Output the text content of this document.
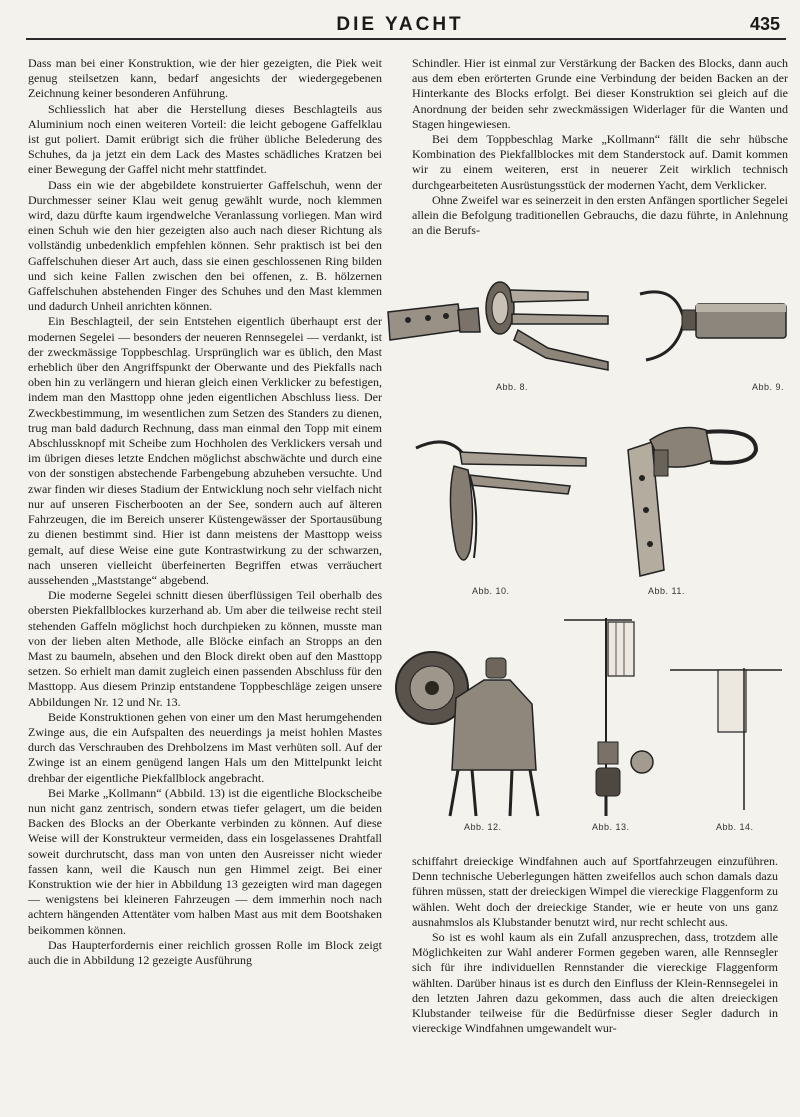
DIE YACHT	435

Dass man bei einer Konstruktion, wie der hier gezeigten, die Piek weit genug steilsetzen kann, bedarf angesichts der wiedergegebenen Zeichnung keiner besonderen Anführung.

Schliesslich hat aber die Herstellung dieses Beschlagteils aus Aluminium noch einen weiteren Vorteil: die leicht gebogene Gaffelklau ist gut poliert. Damit erübrigt sich die früher übliche Belederung des Schuhes, da ja jetzt ein dem Lack des Mastes schädliches Kratzen bei einer Bewegung der Gaffel nicht mehr stattfindet.

Dass ein wie der abgebildete konstruierter Gaffelschuh, wenn der Durchmesser seiner Klau weit genug gewählt wurde, noch klemmen wird, dazu dürfte kaum irgendwelche Veranlassung vorliegen. Man wird einen Schuh wie den hier gezeigten also auch nach dieser Richtung als vollständig unbedenklich empfehlen können. Sehr praktisch ist bei den Gaffelschuhen dieser Art auch, dass sie einen geschlossenen Ring bilden und sich keine Fallen zwischen den bei offenen, z. B. hölzernen Gaffelschuhen abstehenden Finger des Schuhes und den Mast klemmen und dadurch Unheil anrichten können.

Ein Beschlagteil, der sein Entstehen eigentlich überhaupt erst der modernen Segelei — besonders der neueren Rennsegelei — verdankt, ist der zweckmässige Toppbeschlag. Ursprünglich war es üblich, den Mast erheblich über den Angriffspunkt der Oberwante und des Piekfalls nach oben hin zu verlängern und hieran gleich einen Verklicker zu befestigen, indem man den Masttopp ohne jeden eigentlichen Abschluss liess. Der Zweckbestimmung, im wesentlichen zum Setzen des Standers zu dienen, trug man bald dadurch Rechnung, dass man einmal den Topp mit einem Abschlussknopf mit Scheibe zum Hochholen des Verklickers versah und im übrigen dieses letzte Endchen möglichst abschwächte und durch eine von der sonstigen abstechende Farbengebung abzuheben versuchte. Und zwar finden wir dieses Stadium der Entwicklung noch sehr vielfach nicht nur auf unseren Fischerbooten an der See, sondern auch auf älteren Fahrzeugen, die im Bereich unserer Küstengewässer der Sportausübung zu dienen bestimmt sind. Hier ist dann meistens der Masttopp weiss gemalt, auf diese Weise eine gute Kontrastwirkung zu der schwarzen, nach unseren vielleicht überfeinerten Begriffen etwas verräuchert aussehenden „Maststange“ abgebend.

Die moderne Segelei schnitt diesen überflüssigen Teil oberhalb des obersten Piekfallblockes kurzerhand ab. Um aber die teilweise recht steil stehenden Gaffeln möglichst hoch durchpieken zu können, musste man von der lieben alten Methode, alle Blöcke einfach an Stropps an den Mast zu baumeln, absehen und den Block direkt oben auf den Masttopp setzen. So erhielt man damit zugleich einen passenden Abschluss für den Masttopp. Aus diesem Prinzip entstandene Toppbeschläge zeigen unsere Abbildungen Nr. 12 und Nr. 13.

Beide Konstruktionen gehen von einer um den Mast herumgehenden Zwinge aus, die ein Aufspalten des neuerdings ja meist hohlen Mastes durch das Verschrauben des Drehbolzens im Mast verhüten soll. Auf der Zwinge ist an einem genügend langen Hals um den Mittelpunkt leicht drehbar der eigentliche Piekfallblock angebracht.

Bei Marke „Kollmann“ (Abbild. 13) ist die eigentliche Blockscheibe nun nicht ganz zentrisch, sondern etwas tiefer gelagert, um die beiden Backen des Blocks an der Oberkante verbinden zu können. Auf diese Weise will der Konstrukteur vermeiden, dass ein losgelassenes Drahtfall soweit durchrutscht, dass man von unten den Ausreisser nicht wieder fassen kann, weil die Kausch nun gen Himmel zeigt. Bei einer Konstruktion wie der hier in Abbildung 13 gezeigten wird man dagegen — wenigstens bei kleineren Fahrzeugen — dem immerhin noch nach achtern hängenden Attentäter vom halben Mast aus mit dem Bootshaken beikommen können.

Das Haupterfordernis einer reichlich grossen Rolle im Block zeigt auch die in Abbildung 12 gezeigte Ausführung

Schindler. Hier ist einmal zur Verstärkung der Backen des Blocks, dann auch aus dem eben erörterten Grunde eine Verbindung der beiden Backen an der Hinterkante des Blocks erfolgt. Bei dieser Konstruktion sei gleich auf die Anordnung der beiden sehr zweckmässigen Widerlager für die Wanten und Stagen hingewiesen.

Bei dem Toppbeschlag Marke „Kollmann“ fällt die sehr hübsche Kombination des Piekfallblockes mit dem Standerstock auf. Damit kommen wir zu einem weiteren, erst in neuerer Zeit wirklich technisch durchgearbeiteten Ausrüstungsstück der modernen Yacht, dem Verklicker.

Ohne Zweifel war es seinerzeit in den ersten Anfängen sportlicher Segelei allein die Befolgung traditionellen Gebrauchs, die dazu führte, in Anlehnung an die Berufs-

Abb. 8.	Abb. 9.
Abb. 10.	Abb. 11.
Abb. 12.	Abb. 13.	Abb. 14.

schiffahrt dreieckige Windfahnen auch auf Sportfahrzeugen einzuführen. Denn technische Ueberlegungen hätten zweifellos auch schon damals dazu führen müssen, statt der dreieckigen Wimpel die viereckige Flaggenform zu wählen. Weht doch der dreieckige Stander, wie er heute von uns ganz ausnahmslos als Klubstander benutzt wird, nur recht schlecht aus.

So ist es wohl kaum als ein Zufall anzusprechen, dass, trotzdem alle Möglichkeiten zur Wahl anderer Formen gegeben waren, alle Rennsegler sich für ihre individuellen Rennstander die viereckige Flaggenform wählten. Darüber hinaus ist es durch den Einfluss der Klein-Rennsegelei in den letzten Jahren dazu gekommen, dass auch die alten dreieckigen Klubstander teilweise für die Bedürfnisse dieser Segler dadurch in viereckige Windfahnen umgewandelt wur-
